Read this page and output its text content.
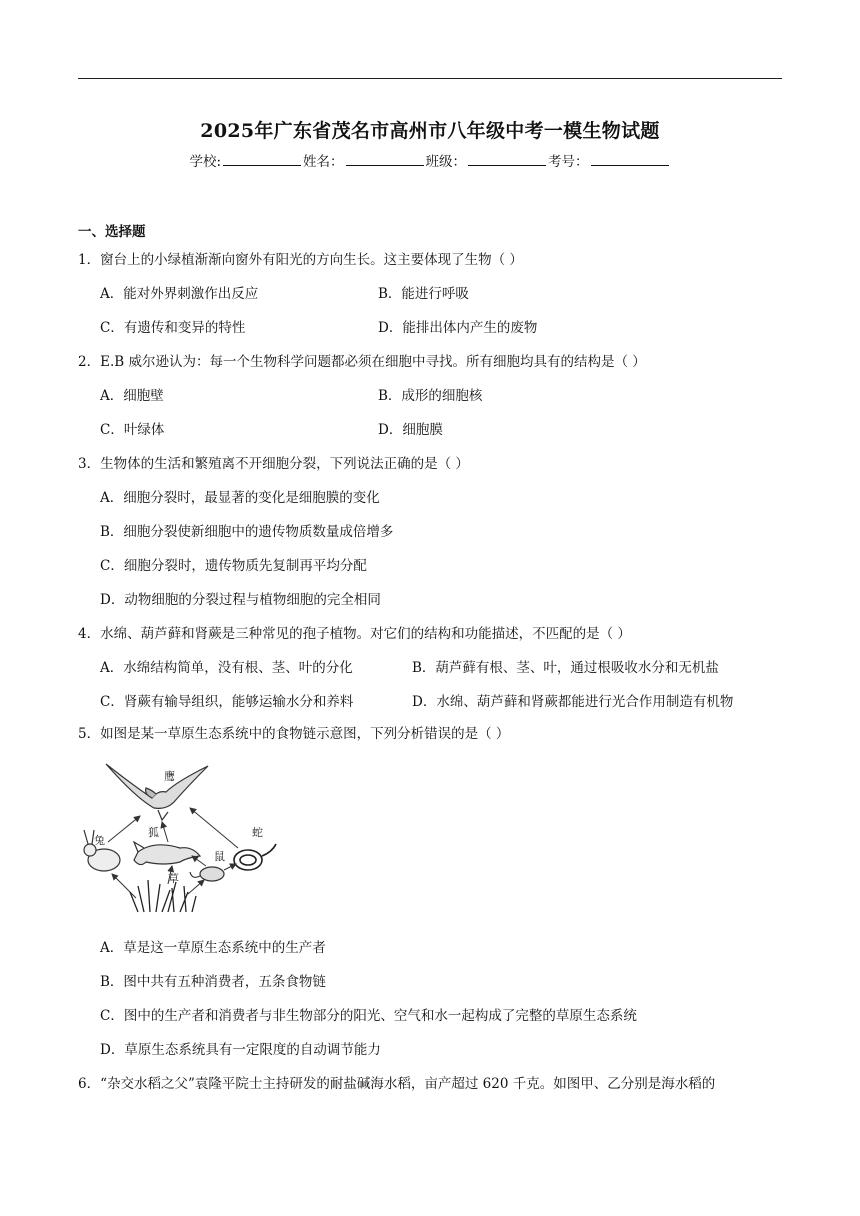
2025年广东省茂名市高州市八年级中考一模生物试题
学校:	姓名：	班级：	考号：
一、选择题
1．窗台上的小绿植渐渐向窗外有阳光的方向生长。这主要体现了生物（ ）
A．能对外界刺激作出反应	B．能进行呼吸
C．有遗传和变异的特性	D．能排出体内产生的废物
2．E.B 威尔逊认为：每一个生物科学问题都必须在细胞中寻找。所有细胞均具有的结构是（ ）
A．细胞壁	B．成形的细胞核
C．叶绿体	D．细胞膜
3．生物体的生活和繁殖离不开细胞分裂，下列说法正确的是（ ）
A．细胞分裂时，最显著的变化是细胞膜的变化
B．细胞分裂使新细胞中的遗传物质数量成倍增多
C．细胞分裂时，遗传物质先复制再平均分配
D．动物细胞的分裂过程与植物细胞的完全相同
4．水绵、葫芦藓和肾蕨是三种常见的孢子植物。对它们的结构和功能描述，不匹配的是（ ）
A．水绵结构简单，没有根、茎、叶的分化	B．葫芦藓有根、茎、叶，通过根吸收水分和无机盐
C．肾蕨有输导组织，能够运输水分和养料	D．水绵、葫芦藓和肾蕨都能进行光合作用制造有机物
5．如图是某一草原生态系统中的食物链示意图，下列分析错误的是（ ）
鹰
兔
狐	蛇
鼠
草
A．草是这一草原生态系统中的生产者
B．图中共有五种消费者，五条食物链
C．图中的生产者和消费者与非生物部分的阳光、空气和水一起构成了完整的草原生态系统
D．草原生态系统具有一定限度的自动调节能力
6．“杂交水稻之父”袁隆平院士主持研发的耐盐碱海水稻，亩产超过 620 千克。如图甲、乙分别是海水稻的
